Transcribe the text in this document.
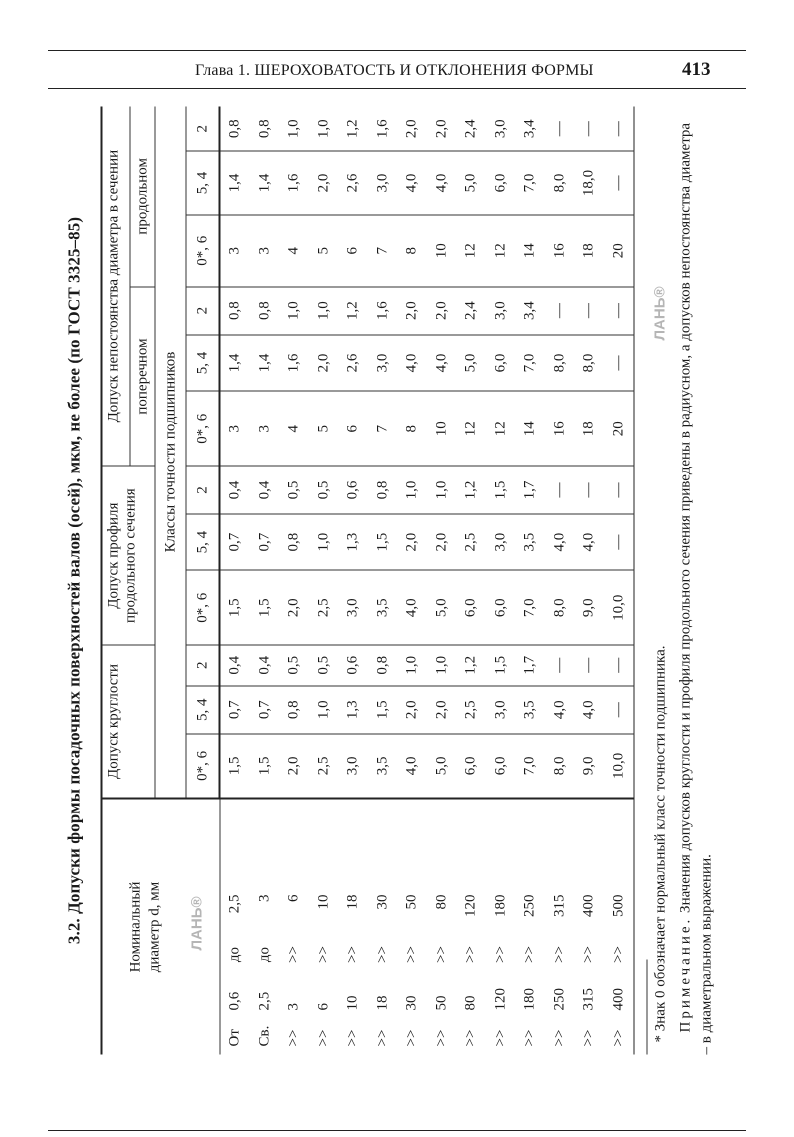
Глава 1. ШЕРОХОВАТОСТЬ И ОТКЛОНЕНИЯ ФОРМЫ	413
3.2. Допуски формы посадочных поверхностей валов (осей), мкм, не более (по ГОСТ 3325–85)	Номинальный диаметр d, мм	Допуск круглости			Допуск профиля
продольного сечения			Допуск непостоянства диаметра в сечении					
							поперечном			продольном		
	Классы точности подшипников											
	0*, 6	5, 4	2	0*, 6	5, 4	2	0*, 6	5, 4	2	0*, 6	5, 4	2
От0,6до2,5	1,5	0,7	0,4	1,5	0,7	0,4	3	1,4	0,8	3	1,4	0,8
Св.2,5до3	1,5	0,7	0,4	1,5	0,7	0,4	3	1,4	0,8	3	1,4	0,8
>>3>>6	2,0	0,8	0,5	2,0	0,8	0,5	4	1,6	1,0	4	1,6	1,0
>>6>>10	2,5	1,0	0,5	2,5	1,0	0,5	5	2,0	1,0	5	2,0	1,0
>>10>>18	3,0	1,3	0,6	3,0	1,3	0,6	6	2,6	1,2	6	2,6	1,2
>>18>>30	3,5	1,5	0,8	3,5	1,5	0,8	7	3,0	1,6	7	3,0	1,6
>>30>>50	4,0	2,0	1,0	4,0	2,0	1,0	8	4,0	2,0	8	4,0	2,0
>>50>>80	5,0	2,0	1,0	5,0	2,0	1,0	10	4,0	2,0	10	4,0	2,0
>>80>>120	6,0	2,5	1,2	6,0	2,5	1,2	12	5,0	2,4	12	5,0	2,4
>>120>>180	6,0	3,0	1,5	6,0	3,0	1,5	12	6,0	3,0	12	6,0	3,0
>>180>>250	7,0	3,5	1,7	7,0	3,5	1,7	14	7,0	3,4	14	7,0	3,4
>>250>>315	8,0	4,0	—	8,0	4,0	—	16	8,0	—	16	8,0	—
>>315>>400	9,0	4,0	—	9,0	4,0	—	18	8,0	—	18	18,0	—
>>400>>500	10,0	—	—	10,0	—	—	20	—	—	20	—	—
* Знак 0 обозначает нормальный класс точности подшипника. Примечание. Значения допусков круглости и профиля продольного сечения приведены в радиусном, а допусков непостоянства диаметра – в диаметральном выражении.
ЛАНЬ®
ЛАНЬ®
